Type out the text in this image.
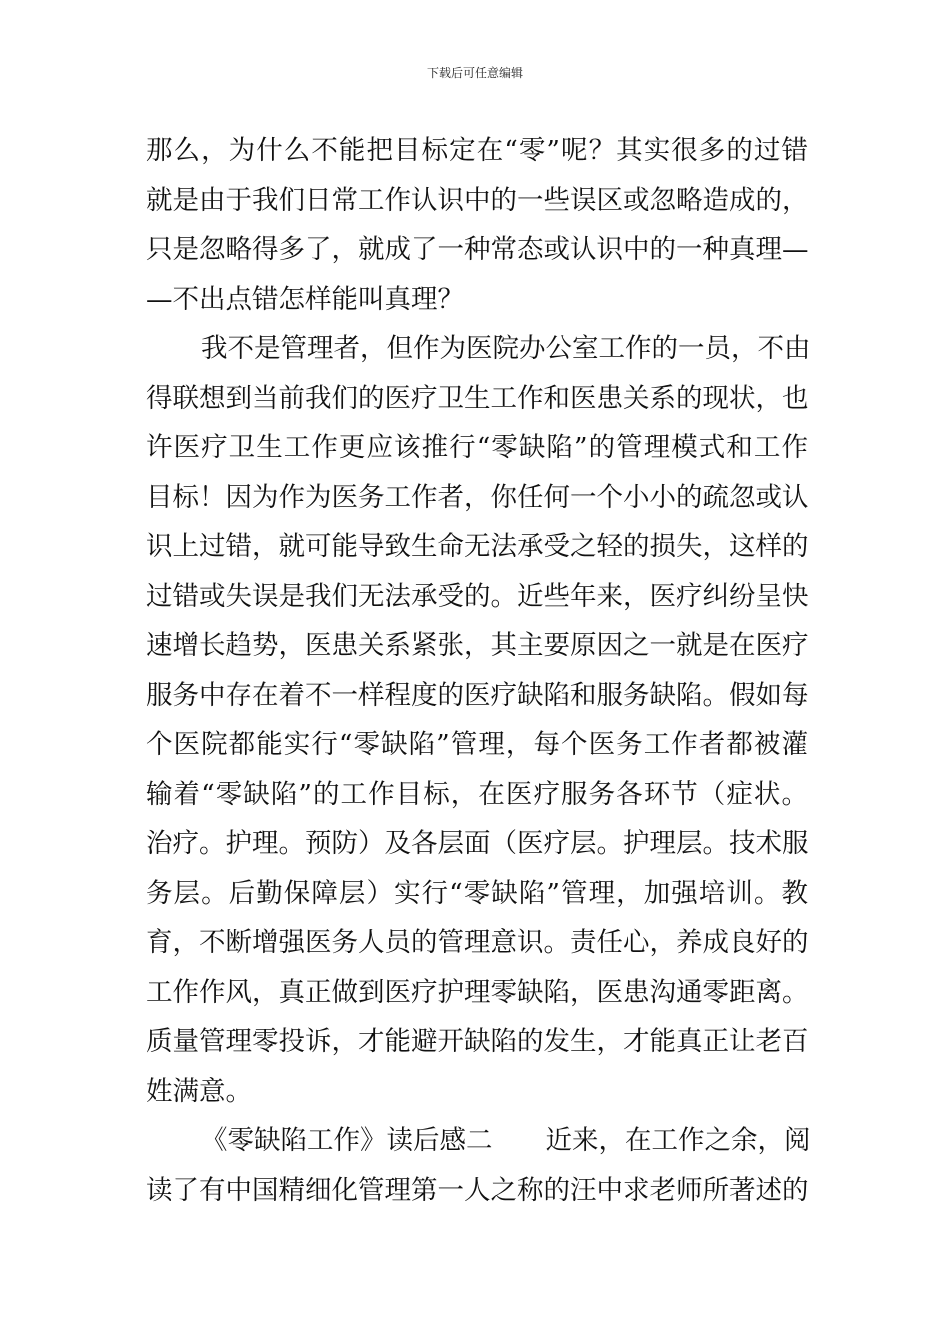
下载后可任意编辑
那么，为什么不能把目标定在“零”呢？其实很多的过错
就是由于我们日常工作认识中的一些误区或忽略造成的，
只是忽略得多了，就成了一种常态或认识中的一种真理—
—不出点错怎样能叫真理？
我不是管理者，但作为医院办公室工作的一员，不由
得联想到当前我们的医疗卫生工作和医患关系的现状，也
许医疗卫生工作更应该推行“零缺陷”的管理模式和工作
目标！因为作为医务工作者，你任何一个小小的疏忽或认
识上过错，就可能导致生命无法承受之轻的损失，这样的
过错或失误是我们无法承受的。近些年来，医疗纠纷呈快
速增长趋势，医患关系紧张，其主要原因之一就是在医疗
服务中存在着不一样程度的医疗缺陷和服务缺陷。假如每
个医院都能实行“零缺陷”管理，每个医务工作者都被灌
输着“零缺陷”的工作目标，在医疗服务各环节（症状。
治疗。护理。预防）及各层面（医疗层。护理层。技术服
务层。后勤保障层）实行“零缺陷”管理，加强培训。教
育，不断增强医务人员的管理意识。责任心，养成良好的
工作作风，真正做到医疗护理零缺陷，医患沟通零距离。
质量管理零投诉，才能避开缺陷的发生，才能真正让老百
姓满意。
《零缺陷工作》读后感二　　近来，在工作之余，阅
读了有中国精细化管理第一人之称的汪中求老师所著述的
